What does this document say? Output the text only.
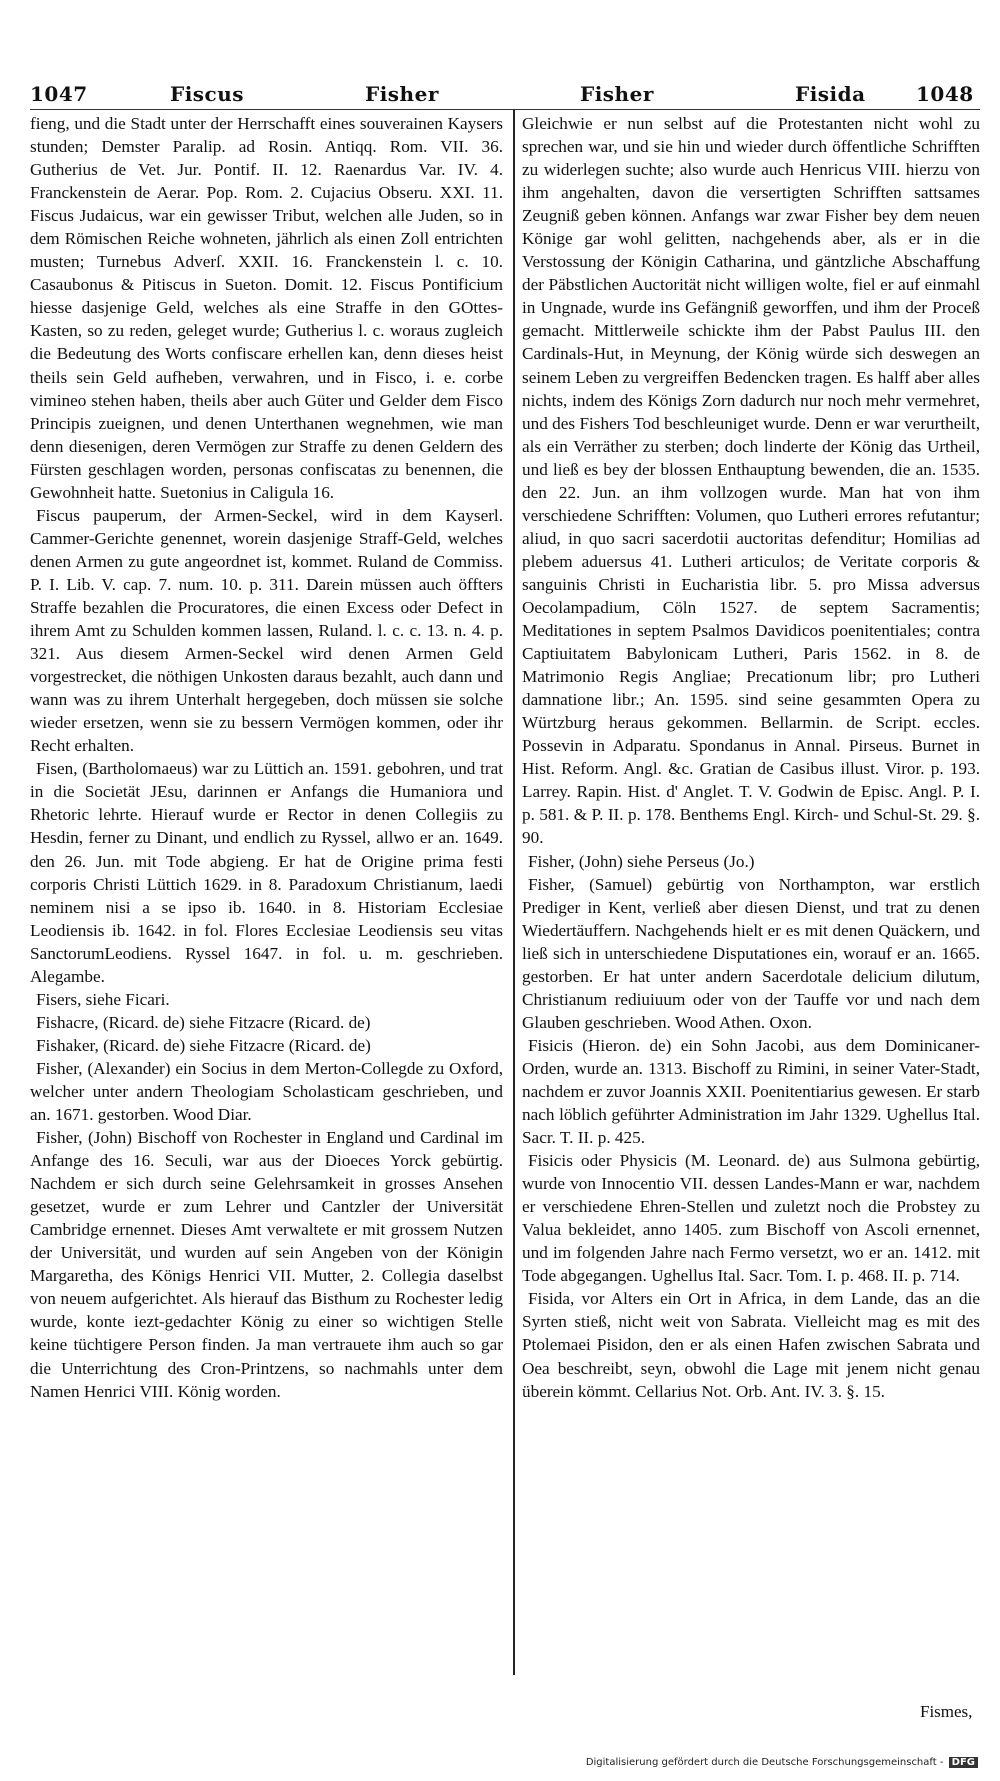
1047	Fiscus	Fisher	Fisher	Fisida	1048

fieng, und die Stadt unter der Herrschafft eines souverainen Kaysers stunden; Demster Paralip. ad Rosin. Antiqq. Rom. VII. 36. Gutherius de Vet. Jur. Pontif. II. 12. Raenardus Var. IV. 4. Franckenstein de Aerar. Pop. Rom. 2. Cujacius Obseru. XXI. 11. Fiscus Judaicus, war ein gewisser Tribut, welchen alle Juden, so in dem Römischen Reiche wohneten, jährlich als einen Zoll entrichten musten; Turnebus Adverſ. XXII. 16. Franckenstein l. c. 10. Casaubonus & Pitiscus in Sueton. Domit. 12. Fiscus Pontificium hiesse dasjenige Geld, welches als eine Straffe in den GOttes-Kasten, so zu reden, geleget wurde; Gutherius l. c. woraus zugleich die Bedeutung des Worts confiscare erhellen kan, denn dieses heist theils sein Geld aufheben, verwahren, und in Fisco, i. e. corbe vimineo stehen haben, theils aber auch Güter und Gelder dem Fisco Principis zueignen, und denen Unterthanen wegnehmen, wie man denn diesenigen, deren Vermögen zur Straffe zu denen Geldern des Fürsten geschlagen worden, personas confiscatas zu benennen, die Gewohnheit hatte. Suetonius in Caligula 16.

Fiscus pauperum, der Armen-Seckel, wird in dem Kayserl. Cammer-Gerichte genennet, worein dasjenige Straff-Geld, welches denen Armen zu gute angeordnet ist, kommet. Ruland de Commiss. P. I. Lib. V. cap. 7. num. 10. p. 311. Darein müssen auch öffters Straffe bezahlen die Procuratores, die einen Excess oder Defect in ihrem Amt zu Schulden kommen lassen, Ruland. l. c. c. 13. n. 4. p. 321. Aus diesem Armen-Seckel wird denen Armen Geld vorgestrecket, die nöthigen Unkosten daraus bezahlt, auch dann und wann was zu ihrem Unterhalt hergegeben, doch müssen sie solche wieder ersetzen, wenn sie zu bessern Vermögen kommen, oder ihr Recht erhalten.

Fisen, (Bartholomaeus) war zu Lüttich an. 1591. gebohren, und trat in die Societät JEsu, darinnen er Anfangs die Humaniora und Rhetoric lehrte. Hierauf wurde er Rector in denen Collegiis zu Hesdin, ferner zu Dinant, und endlich zu Ryssel, allwo er an. 1649. den 26. Jun. mit Tode abgieng. Er hat de Origine prima festi corporis Christi Lüttich 1629. in 8. Paradoxum Christianum, laedi neminem nisi a se ipso ib. 1640. in 8. Historiam Ecclesiae Leodiensis ib. 1642. in fol. Flores Ecclesiae Leodiensis seu vitas SanctorumLeodiens. Ryssel 1647. in fol. u. m. geschrieben. Alegambe.

Fisers, siehe Ficari.

Fishacre, (Ricard. de) siehe Fitzacre (Ricard. de)

Fishaker, (Ricard. de) siehe Fitzacre (Ricard. de)

Fisher, (Alexander) ein Socius in dem Merton-Collegde zu Oxford, welcher unter andern Theologiam Scholasticam geschrieben, und an. 1671. gestorben. Wood Diar.

Fisher, (John) Bischoff von Rochester in England und Cardinal im Anfange des 16. Seculi, war aus der Dioeces Yorck gebürtig. Nachdem er sich durch seine Gelehrsamkeit in grosses Ansehen gesetzet, wurde er zum Lehrer und Cantzler der Universität Cambridge ernennet. Dieses Amt verwaltete er mit grossem Nutzen der Universität, und wurden auf sein Angeben von der Königin Margaretha, des Königs Henrici VII. Mutter, 2. Collegia daselbst von neuem aufgerichtet. Als hierauf das Bisthum zu Rochester ledig wurde, konte iezt-gedachter König zu einer so wichtigen Stelle keine tüchtigere Person finden. Ja man vertrauete ihm auch so gar die Unterrichtung des Cron-Printzens, so nachmahls unter dem Namen Henrici VIII. König worden.

Gleichwie er nun selbst auf die Protestanten nicht wohl zu sprechen war, und sie hin und wieder durch öffentliche Schrifften zu widerlegen suchte; also wurde auch Henricus VIII. hierzu von ihm angehalten, davon die versertigten Schrifften sattsames Zeugniß geben können. Anfangs war zwar Fisher bey dem neuen Könige gar wohl gelitten, nachgehends aber, als er in die Verstossung der Königin Catharina, und gäntzliche Abschaffung der Päbstlichen Auctorität nicht willigen wolte, fiel er auf einmahl in Ungnade, wurde ins Gefängniß geworffen, und ihm der Proceß gemacht. Mittlerweile schickte ihm der Pabst Paulus III. den Cardinals-Hut, in Meynung, der König würde sich deswegen an seinem Leben zu vergreiffen Bedencken tragen. Es halff aber alles nichts, indem des Königs Zorn dadurch nur noch mehr vermehret, und des Fishers Tod beschleuniget wurde. Denn er war verurtheilt, als ein Verräther zu sterben; doch linderte der König das Urtheil, und ließ es bey der blossen Enthauptung bewenden, die an. 1535. den 22. Jun. an ihm vollzogen wurde. Man hat von ihm verschiedene Schrifften: Volumen, quo Lutheri errores refutantur; aliud, in quo sacri sacerdotii auctoritas defenditur; Homilias ad plebem aduersus 41. Lutheri articulos; de Veritate corporis & sanguinis Christi in Eucharistia libr. 5. pro Missa adversus Oecolampadium, Cöln 1527. de septem Sacramentis; Meditationes in septem Psalmos Davidicos poenitentiales; contra Captiuitatem Babylonicam Lutheri, Paris 1562. in 8. de Matrimonio Regis Angliae; Precationum libr; pro Lutheri damnatione libr.; An. 1595. sind seine gesammten Opera zu Würtzburg heraus gekommen. Bellarmin. de Script. eccles. Possevin in Adparatu. Spondanus in Annal. Pirseus. Burnet in Hist. Reform. Angl. &c. Gratian de Casibus illust. Viror. p. 193. Larrey. Rapin. Hist. d' Anglet. T. V. Godwin de Episc. Angl. P. I. p. 581. & P. II. p. 178. Benthems Engl. Kirch- und Schul-St. 29. §. 90.

Fisher, (John) siehe Perseus (Jo.)

Fisher, (Samuel) gebürtig von Northampton, war erstlich Prediger in Kent, verließ aber diesen Dienst, und trat zu denen Wiedertäuffern. Nachgehends hielt er es mit denen Quäckern, und ließ sich in unterschiedene Disputationes ein, worauf er an. 1665. gestorben. Er hat unter andern Sacerdotale delicium dilutum, Christianum rediuiuum oder von der Tauffe vor und nach dem Glauben geschrieben. Wood Athen. Oxon.

Fisicis (Hieron. de) ein Sohn Jacobi, aus dem Dominicaner-Orden, wurde an. 1313. Bischoff zu Rimini, in seiner Vater-Stadt, nachdem er zuvor Joannis XXII. Poenitentiarius gewesen. Er starb nach löblich geführter Administration im Jahr 1329. Ughellus Ital. Sacr. T. II. p. 425.

Fisicis oder Physicis (M. Leonard. de) aus Sulmona gebürtig, wurde von Innocentio VII. dessen Landes-Mann er war, nachdem er verschiedene Ehren-Stellen und zuletzt noch die Probstey zu Valua bekleidet, anno 1405. zum Bischoff von Ascoli ernennet, und im folgenden Jahre nach Fermo versetzt, wo er an. 1412. mit Tode abgegangen. Ughellus Ital. Sacr. Tom. I. p. 468. II. p. 714.

Fisida, vor Alters ein Ort in Africa, in dem Lande, das an die Syrten stieß, nicht weit von Sabrata. Vielleicht mag es mit des Ptolemaei Pisidon, den er als einen Hafen zwischen Sabrata und Oea beschreibt, seyn, obwohl die Lage mit jenem nicht genau überein kömmt. Cellarius Not. Orb. Ant. IV. 3. §. 15.

Fismes,
Digitalisierung gefördert durch die Deutsche Forschungsgemeinschaft - DFG
